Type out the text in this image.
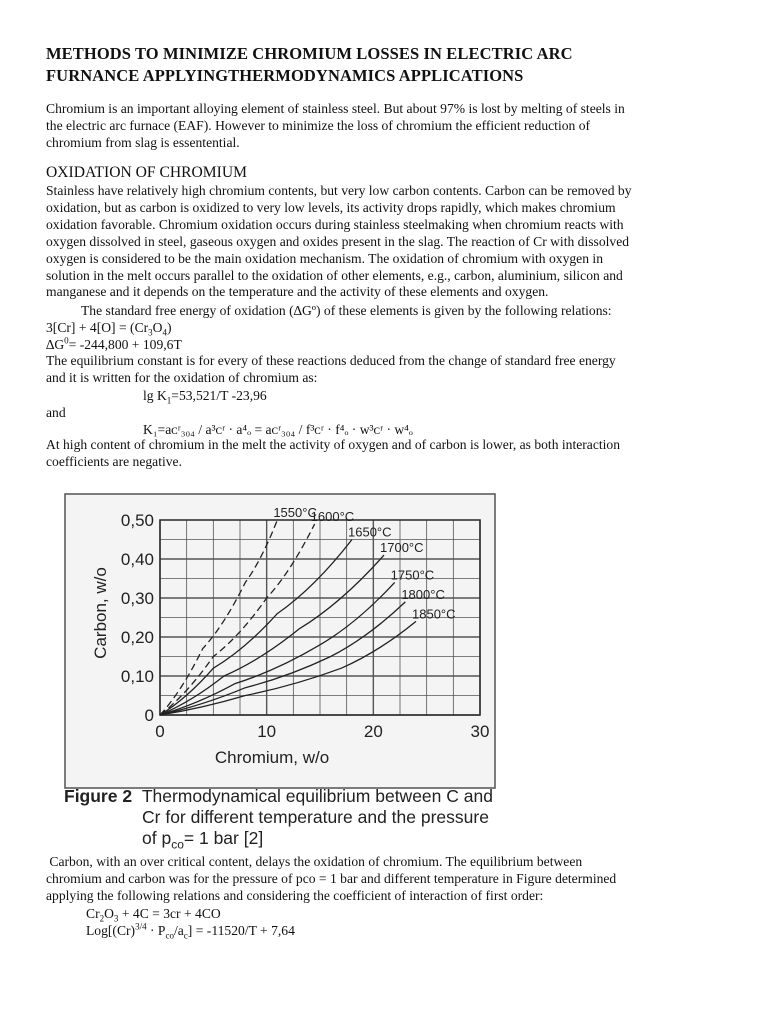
METHODS TO MINIMIZE CHROMIUM LOSSES IN ELECTRIC ARC
FURNANCE APPLYINGTHERMODYNAMICS APPLICATIONS
Chromium is an important alloying element of stainless steel. But about 97% is lost by melting of steels in
the electric arc furnace (EAF). However to minimize the loss of chromium the efficient reduction of
chromium from slag is essentential.
OXIDATION OF CHROMIUM
Stainless have relatively high chromium contents, but very low carbon contents. Carbon can be removed by
oxidation, but as carbon is oxidized to very low levels, its activity drops rapidly, which makes chromium
oxidation favorable. Chromium oxidation occurs during stainless steelmaking when chromium reacts with
oxygen dissolved in steel, gaseous oxygen and oxides present in the slag. The reaction of Cr with dissolved
oxygen is considered to be the main oxidation mechanism. The oxidation of chromium with oxygen in
solution in the melt occurs parallel to the oxidation of other elements, e.g., carbon, aluminium, silicon and
manganese and it depends on the temperature and the activity of these elements and oxygen.
The standard free energy of oxidation (∆Gº) of these elements is given by the following relations:
$3[Cr] + 4[O] = (Cr_3O_4)$
$\Delta G^0= -244,800 + 109,6T$
The equilibrium constant is for every of these reactions deduced from the change of standard free energy
and it is written for the oxidation of chromium as:
$\lg K_1=53,521/T$ -23,96
and
K₁=aᴄʳ₃₀₄ / a³ᴄʳ · a⁴ₒ = aᴄʳ₃₀₄ / f³ᴄʳ · f⁴ₒ · w³ᴄʳ · w⁴ₒ
At high content of chromium in the melt the activity of oxygen and of carbon is lower, as both interaction
coefficients are negative.
0
0,10
0,20
0,30
0,40
0,50
0	10	20	30
1550°C
1600°C
1650°C
1700°C
1750°C
1800°C
1850°C
Carbon, w/o
Chromium, w/o
Figure 2 Thermodynamical equilibrium between C and
Cr for different temperature and the pressure
of $p_{co}= 1$ bar [2]
Carbon, with an over critical content, delays the oxidation of chromium. The equilibrium between
chromium and carbon was for the pressure of pco = 1 bar and different temperature in Figure determined
applying the following relations and considering the coefficient of interaction of first order:
$Cr_2O_3 + 4C = 3cr + 4CO$
$Log[(Cr)^{3/4} \cdot P_{co}/a_c] = -11520/T + 7,64$
